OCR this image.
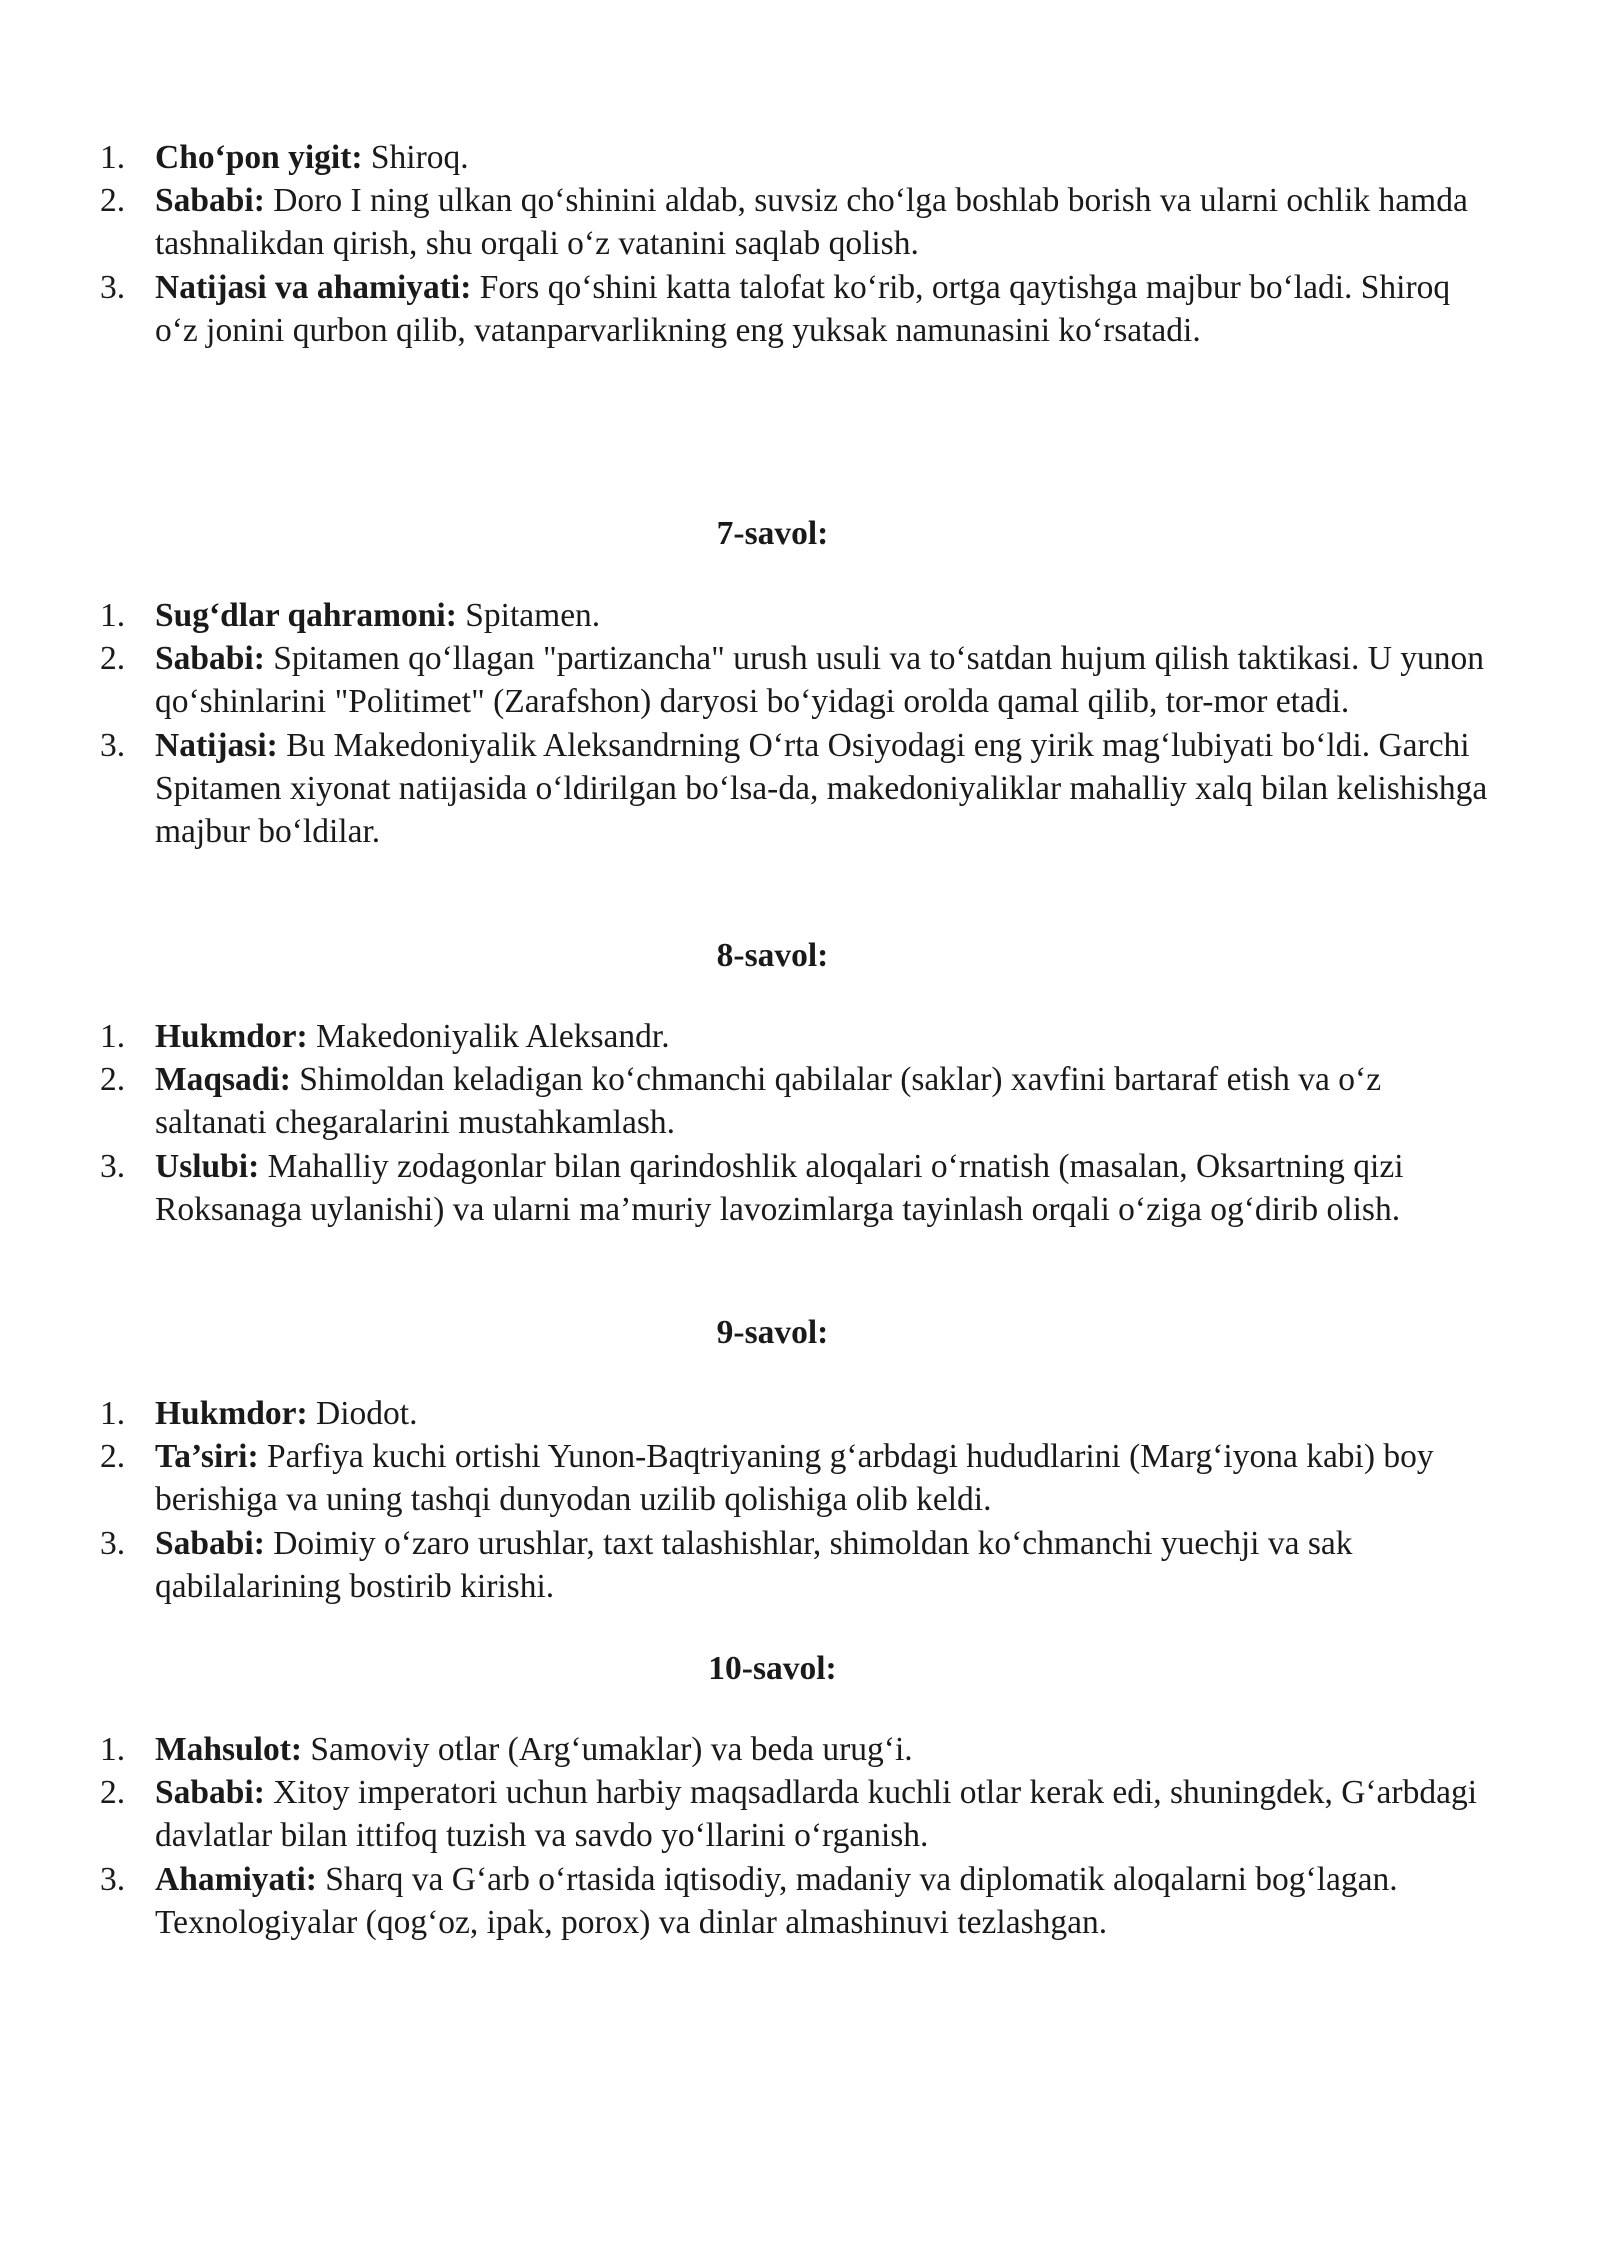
1. Cho‘pon yigit: Shiroq.
2. Sababi: Doro I ning ulkan qo‘shinini aldab, suvsiz cho‘lga boshlab borish va ularni ochlik hamda tashnalikdan qirish, shu orqali o‘z vatanini saqlab qolish.
3. Natijasi va ahamiyati: Fors qo‘shini katta talofat ko‘rib, ortga qaytishga majbur bo‘ladi. Shiroq o‘z jonini qurbon qilib, vatanparvarlikning eng yuksak namunasini ko‘rsatadi.
7-savol:
1. Sug‘dlar qahramoni: Spitamen.
2. Sababi: Spitamen qo‘llagan "partizancha" urush usuli va to‘satdan hujum qilish taktikasi. U yunon qo‘shinlarini "Politimet" (Zarafshon) daryosi bo‘yidagi orolda qamal qilib, tor-mor etadi.
3. Natijasi: Bu Makedoniyalik Aleksandrning O‘rta Osiyodagi eng yirik mag‘lubiyati bo‘ldi. Garchi Spitamen xiyonat natijasida o‘ldirilgan bo‘lsa-da, makedoniyaliklar mahalliy xalq bilan kelishishga majbur bo‘ldilar.
8-savol:
1. Hukmdor: Makedoniyalik Aleksandr.
2. Maqsadi: Shimoldan keladigan ko‘chmanchi qabilalar (saklar) xavfini bartaraf etish va o‘z saltanati chegaralarini mustahkamlash.
3. Uslubi: Mahalliy zodagonlar bilan qarindoshlik aloqalari o‘rnatish (masalan, Oksartning qizi Roksanaga uylanishi) va ularni ma’muriy lavozimlarga tayinlash orqali o‘ziga og‘dirib olish.
9-savol:
1. Hukmdor: Diodot.
2. Ta’siri: Parfiya kuchi ortishi Yunon-Baqtriyaning g‘arbdagi hududlarini (Marg‘iyona kabi) boy berishiga va uning tashqi dunyodan uzilib qolishiga olib keldi.
3. Sababi: Doimiy o‘zaro urushlar, taxt talashishlar, shimoldan ko‘chmanchi yuechji va sak qabilalarining bostirib kirishi.
10-savol:
1. Mahsulot: Samoviy otlar (Arg‘umaklar) va beda urug‘i.
2. Sababi: Xitoy imperatori uchun harbiy maqsadlarda kuchli otlar kerak edi, shuningdek, G‘arbdagi davlatlar bilan ittifoq tuzish va savdo yo‘llarini o‘rganish.
3. Ahamiyati: Sharq va G‘arb o‘rtasida iqtisodiy, madaniy va diplomatik aloqalarni bog‘lagan. Texnologiyalar (qog‘oz, ipak, porox) va dinlar almashinuvi tezlashgan.
